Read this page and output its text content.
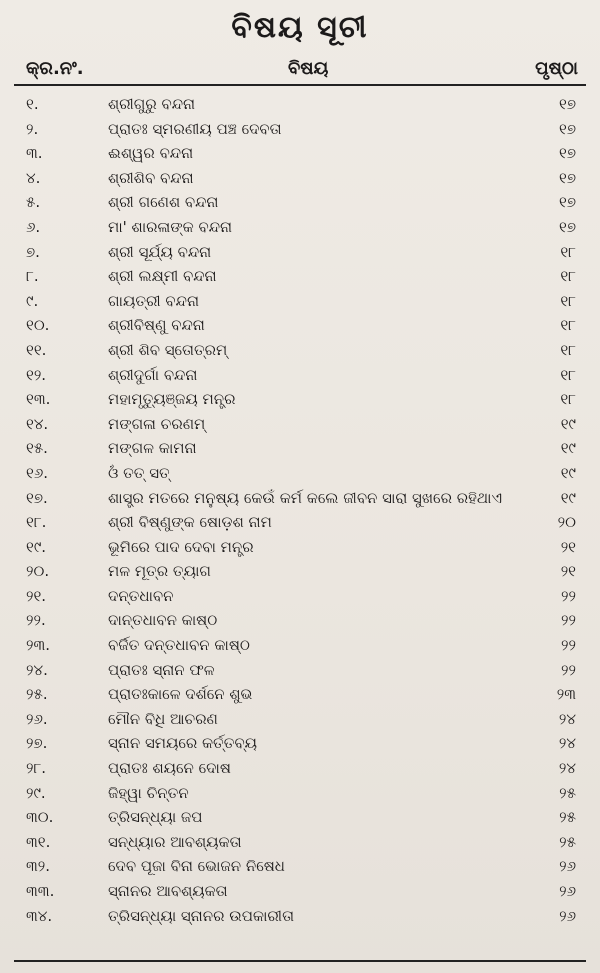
ବିଷୟ ସୂଚୀ
କ୍ର.ନଂ.	ବିଷୟ	ପୃଷ୍ଠା
୧.	ଶ୍ରୀଗୁରୁ ବନ୍ଦନା	୧୭
୨.	ପ୍ରାତଃ ସ୍ମରଣୀୟ ପଞ୍ଚ ଦେବତା	୧୭
୩.	ଈଶ୍ୱର ବନ୍ଦନା	୧୭
୪.	ଶ୍ରୀଶିବ ବନ୍ଦନା	୧୭
୫.	ଶ୍ରୀ ଗଣେଶ ବନ୍ଦନା	୧୭
୬.	ମା' ଶାରଳାଙ୍କ ବନ୍ଦନା	୧୭
୭.	ଶ୍ରୀ ସୂର୍ଯ୍ୟ ବନ୍ଦନା	୧୮
୮.	ଶ୍ରୀ ଲକ୍ଷ୍ମୀ ବନ୍ଦନା	୧୮
୯.	ଗାୟତ୍ରୀ ବନ୍ଦନା	୧୮
୧୦.	ଶ୍ରୀବିଷ୍ଣୁ ବନ୍ଦନା	୧୮
୧୧.	ଶ୍ରୀ ଶିବ ସ୍ତୋତ୍ରମ୍	୧୮
୧୨.	ଶ୍ରୀଦୁର୍ଗା ବନ୍ଦନା	୧୮
୧୩.	ମହାମୃତ୍ୟୁଞ୍ଜୟ ମନ୍ତ୍ର	୧୮
୧୪.	ମଙ୍ଗଳା ଚରଣମ୍	୧୯
୧୫.	ମଙ୍ଗଳ କାମନା	୧୯
୧୬.	ଓଁ ତତ୍ ସତ୍	୧୯
୧୭.	ଶାସ୍ତ୍ର ମତରେ ମନୁଷ୍ୟ କେଉଁ କର୍ମ କଲେ ଜୀବନ ସାରା ସୁଖରେ ରହିଥାଏ	୧୯
୧୮.	ଶ୍ରୀ ବିଷ୍ଣୁଙ୍କ ଷୋଡ଼ଶ ନାମ	୨୦
୧୯.	ଭୂମିରେ ପାଦ ଦେବା ମନ୍ତ୍ର	୨୧
୨୦.	ମଳ ମୂତ୍ର ତ୍ୟାଗ	୨୧
୨୧.	ଦନ୍ତଧାବନ	୨୨
୨୨.	ଦାନ୍ତଧାବନ କାଷ୍ଠ	୨୨
୨୩.	ବର୍ଜିତ ଦନ୍ତଧାବନ କାଷ୍ଠ	୨୨
୨୪.	ପ୍ରାତଃ ସ୍ନାନ ଫଳ	୨୨
୨୫.	ପ୍ରାତଃକାଳେ ଦର୍ଶନେ ଶୁଭ	୨୩
୨୬.	ମୌନ ବିଧି ଆଚରଣ	୨୪
୨୭.	ସ୍ନାନ ସମୟରେ କର୍ତ୍ତବ୍ୟ	୨୪
୨୮.	ପ୍ରାତଃ ଶୟନେ ଦୋଷ	୨୪
୨୯.	ଜିହ୍ୱା ଚିନ୍ତନ	୨୫
୩୦.	ତ୍ରିସନ୍ଧ୍ୟା ଜପ	୨୫
୩୧.	ସନ୍ଧ୍ୟାର ଆବଶ୍ୟକତା	୨୫
୩୨.	ଦେବ ପୂଜା ବିନା ଭୋଜନ ନିଷେଧ	୨୬
୩୩.	ସ୍ନାନର ଆବଶ୍ୟକତା	୨୬
୩୪.	ତ୍ରିସନ୍ଧ୍ୟା ସ୍ନାନର ଉପକାରୀତା	୨୬
